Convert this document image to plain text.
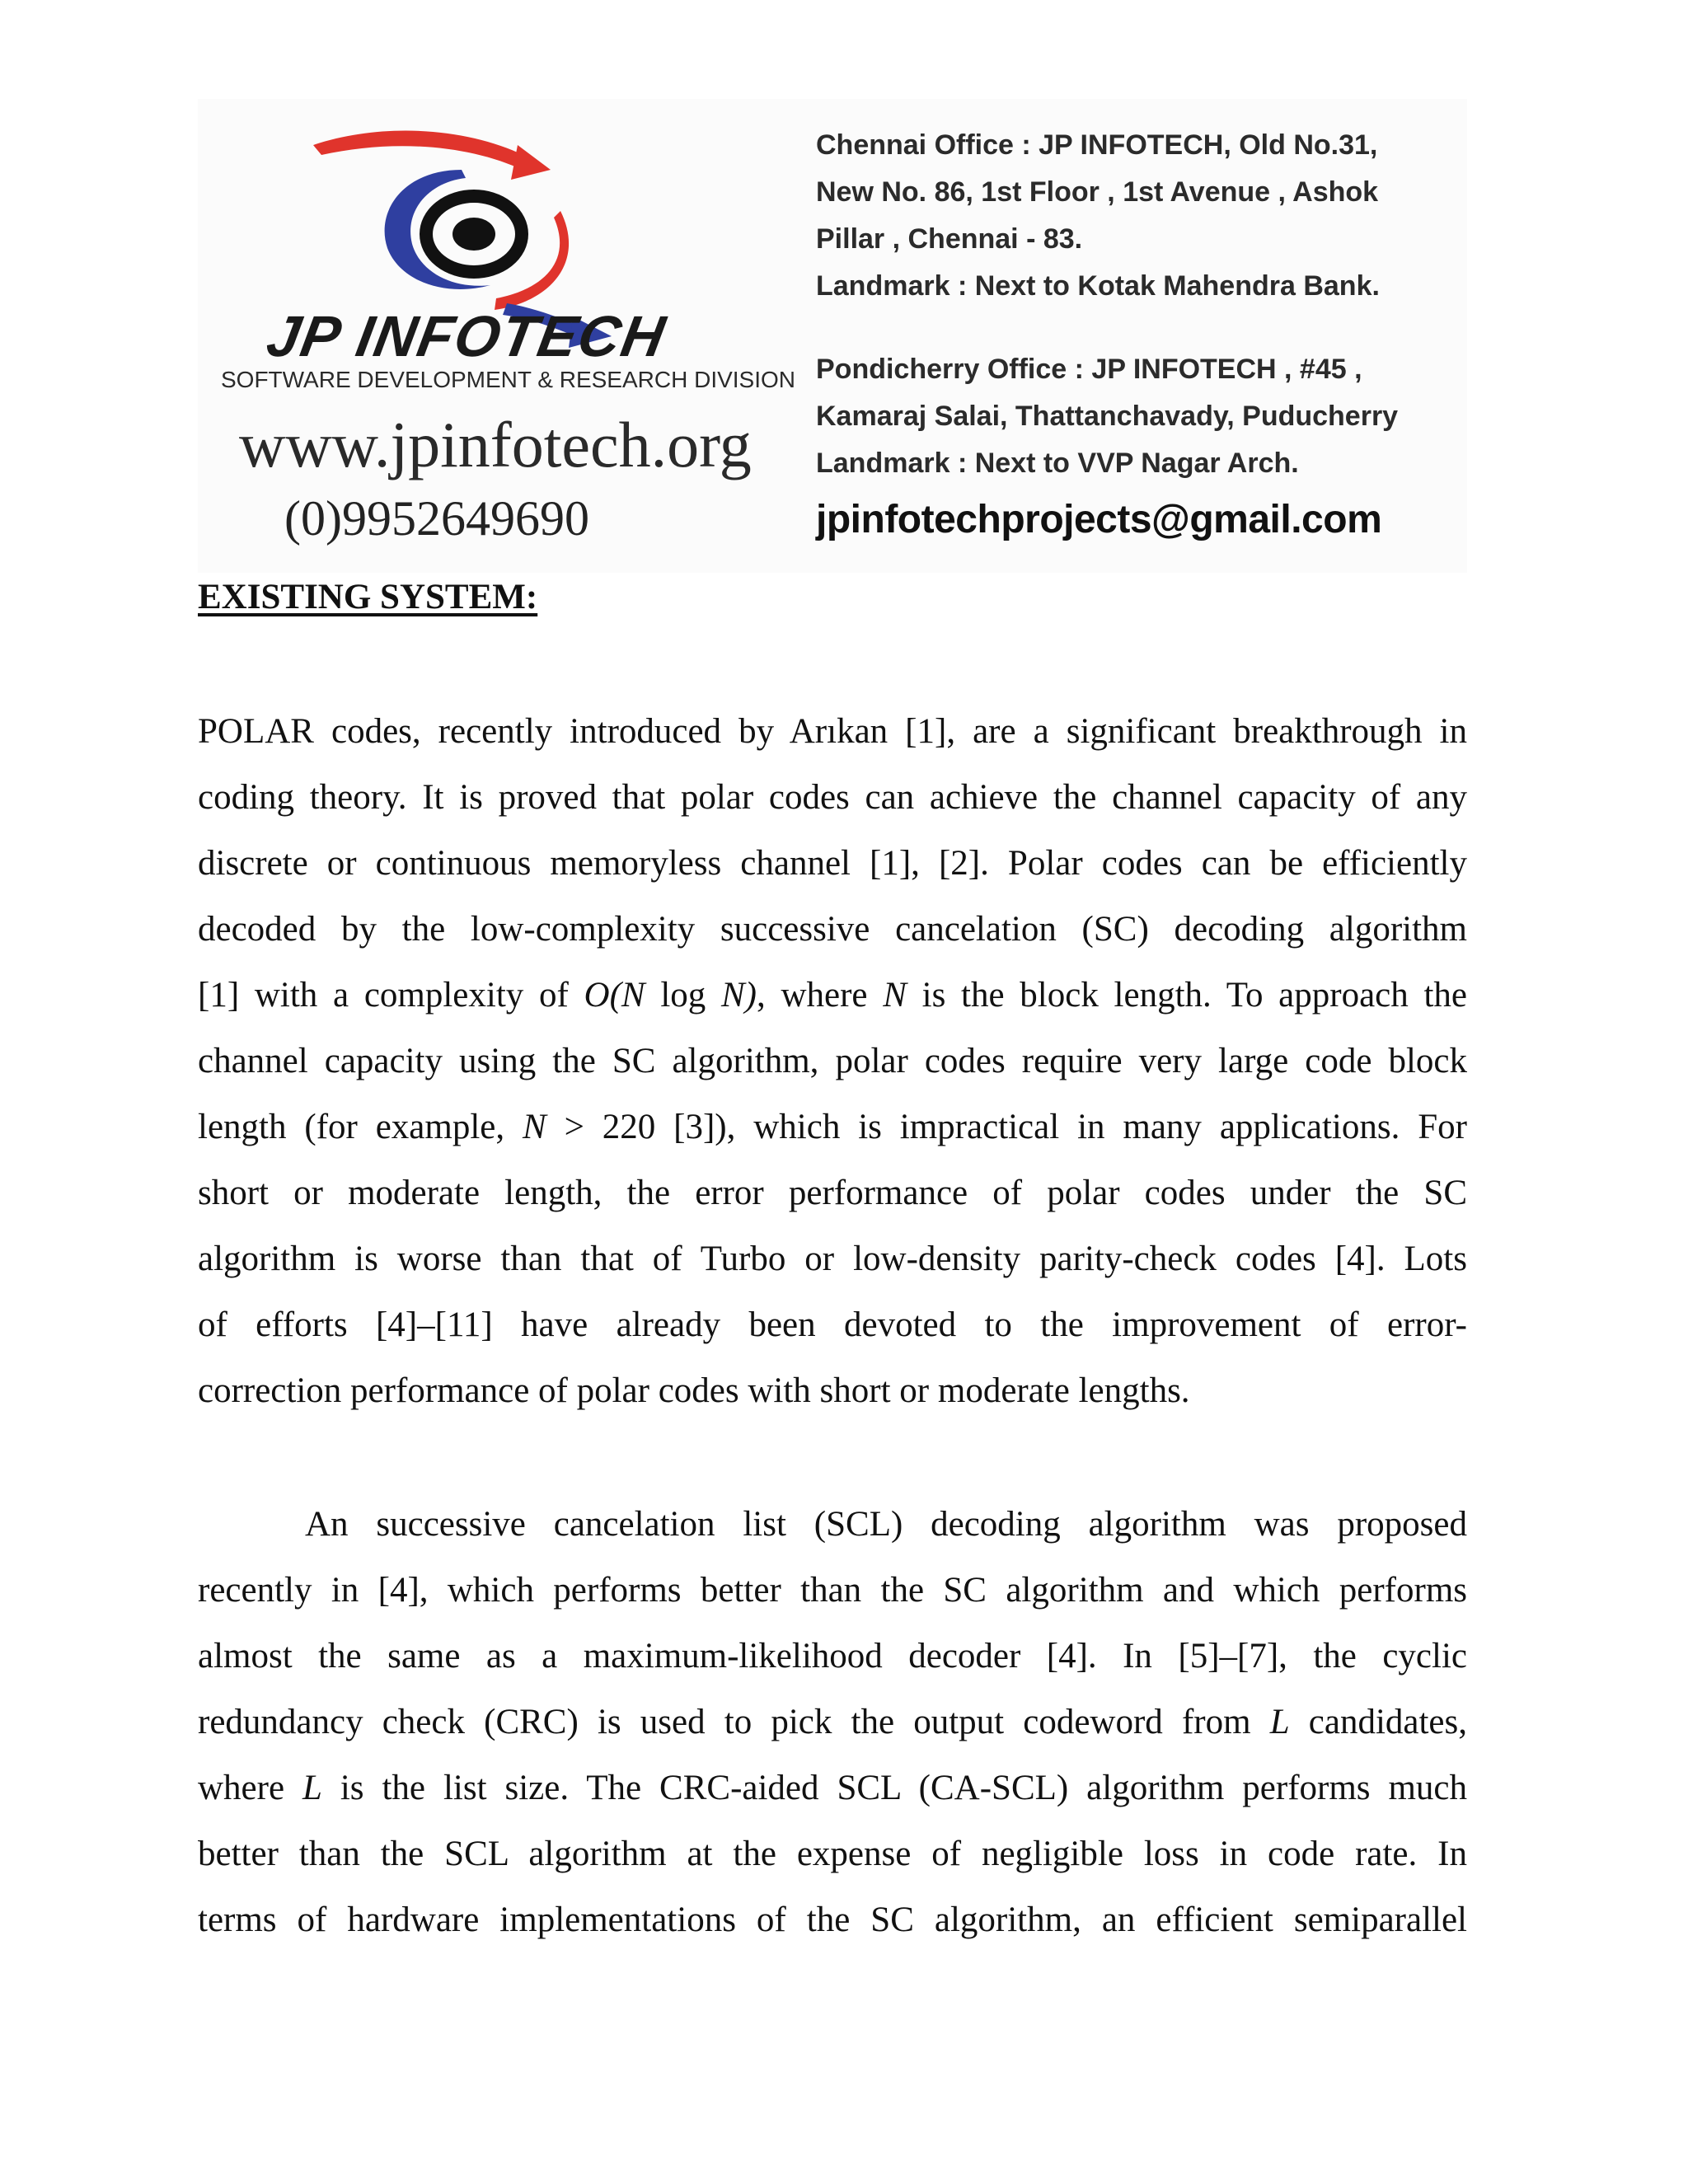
JP INFOTECH
SOFTWARE DEVELOPMENT & RESEARCH DIVISION
www.jpinfotech.org
(0)9952649690
Chennai Office : JP INFOTECH, Old No.31,
New No. 86, 1st Floor , 1st Avenue , Ashok
Pillar , Chennai - 83.
Landmark : Next to Kotak Mahendra Bank.
Pondicherry Office : JP INFOTECH , #45 ,
Kamaraj Salai, Thattanchavady, Puducherry
Landmark : Next to VVP Nagar Arch.
jpinfotechprojects@gmail.com
EXISTING SYSTEM:
POLAR codes, recently introduced by Arıkan [1], are a significant breakthrough in
coding theory. It is proved that polar codes can achieve the channel capacity of any
discrete or continuous memoryless channel [1], [2]. Polar codes can be efficiently
decoded by the low-complexity successive cancelation (SC) decoding algorithm
[1] with a complexity of O(N log N), where N is the block length. To approach the
channel capacity using the SC algorithm, polar codes require very large code block
length (for example, N > 220 [3]), which is impractical in many applications. For
short or moderate length, the error performance of polar codes under the SC
algorithm is worse than that of Turbo or low-density parity-check codes [4]. Lots
of efforts [4]–[11] have already been devoted to the improvement of error-
correction performance of polar codes with short or moderate lengths.
An successive cancelation list (SCL) decoding algorithm was proposed
recently in [4], which performs better than the SC algorithm and which performs
almost the same as a maximum-likelihood decoder [4]. In [5]–[7], the cyclic
redundancy check (CRC) is used to pick the output codeword from L candidates,
where L is the list size. The CRC-aided SCL (CA-SCL) algorithm performs much
better than the SCL algorithm at the expense of negligible loss in code rate. In
terms of hardware implementations of the SC algorithm, an efficient semiparallel
